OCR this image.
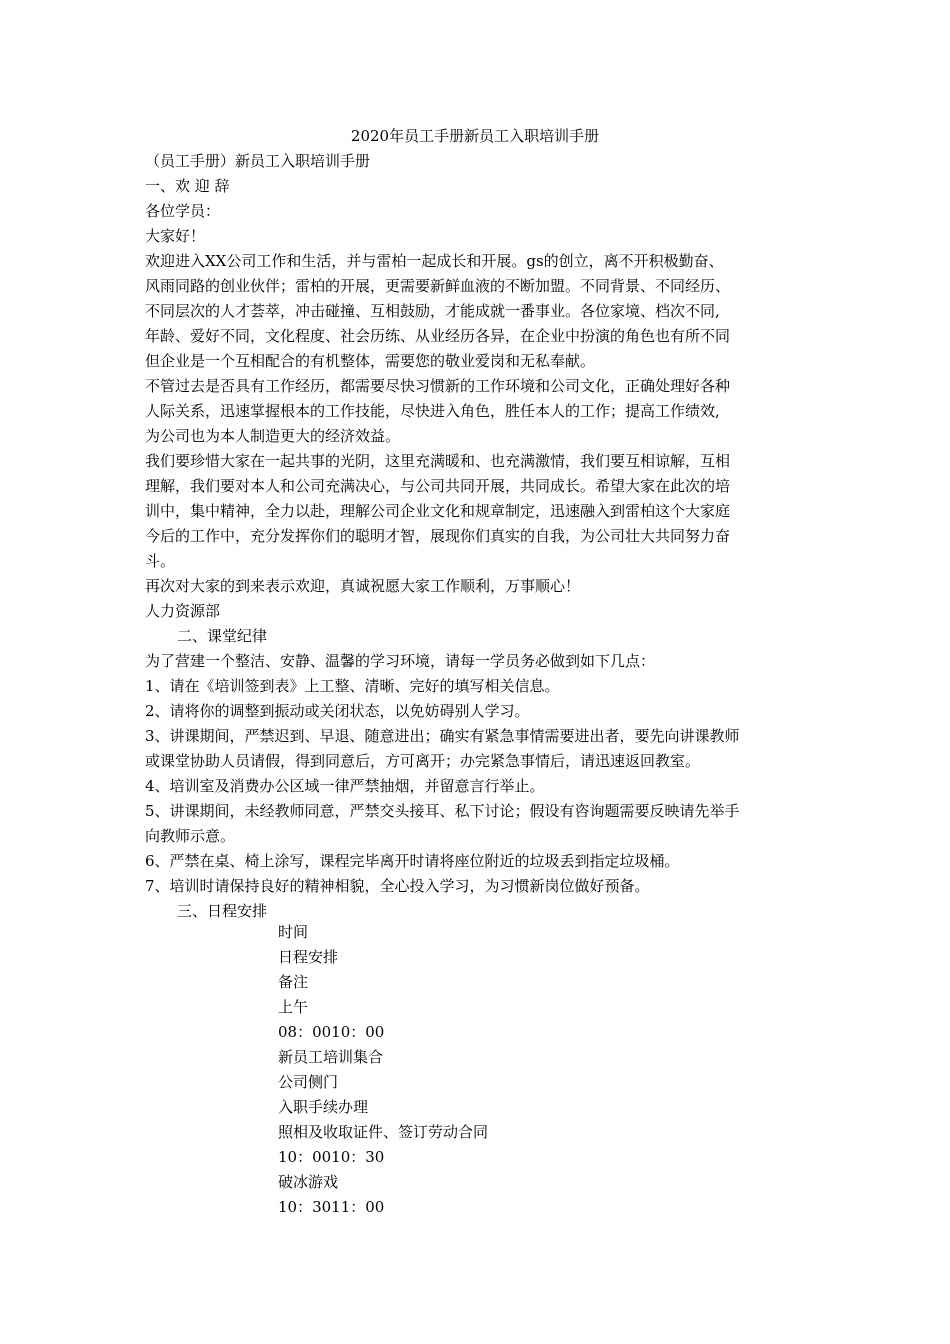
2020年员工手册新员工入职培训手册
（员工手册）新员工入职培训手册
一、欢 迎 辞
各位学员：
大家好！
欢迎进入XX公司工作和生活，并与雷柏一起成长和开展。gs的创立，离不开积极勤奋、
风雨同路的创业伙伴；雷柏的开展，更需要新鲜血液的不断加盟。不同背景、不同经历、
不同层次的人才荟萃，冲击碰撞、互相鼓励，才能成就一番事业。各位家境、档次不同,
年龄、爱好不同，文化程度、社会历练、从业经历各异，在企业中扮演的角色也有所不同
但企业是一个互相配合的有机整体，需要您的敬业爱岗和无私奉献。
不管过去是否具有工作经历，都需要尽快习惯新的工作环境和公司文化，正确处理好各种
人际关系，迅速掌握根本的工作技能，尽快进入角色，胜任本人的工作；提高工作绩效,
为公司也为本人制造更大的经济效益。
我们要珍惜大家在一起共事的光阴，这里充满暖和、也充满激情，我们要互相谅解，互相
理解，我们要对本人和公司充满决心，与公司共同开展，共同成长。希望大家在此次的培
训中，集中精神，全力以赴，理解公司企业文化和规章制定，迅速融入到雷柏这个大家庭
今后的工作中，充分发挥你们的聪明才智，展现你们真实的自我，为公司壮大共同努力奋
斗。
再次对大家的到来表示欢迎，真诚祝愿大家工作顺利，万事顺心！
人力资源部
二、课堂纪律
为了营建一个整洁、安静、温馨的学习环境，请每一学员务必做到如下几点：
1、请在《培训签到表》上工整、清晰、完好的填写相关信息。
2、请将你的调整到振动或关闭状态，以免妨碍别人学习。
3、讲课期间，严禁迟到、早退、随意进出；确实有紧急事情需要进出者，要先向讲课教师
或课堂协助人员请假，得到同意后，方可离开；办完紧急事情后，请迅速返回教室。
4、培训室及消费办公区域一律严禁抽烟，并留意言行举止。
5、讲课期间，未经教师同意，严禁交头接耳、私下讨论；假设有咨询题需要反映请先举手
向教师示意。
6、严禁在桌、椅上涂写，课程完毕离开时请将座位附近的垃圾丢到指定垃圾桶。
7、培训时请保持良好的精神相貌，全心投入学习，为习惯新岗位做好预备。
三、日程安排
时间
日程安排
备注
上午
08：0010：00
新员工培训集合
公司侧门
入职手续办理
照相及收取证件、签订劳动合同
10：0010：30
破冰游戏
10：3011：00
